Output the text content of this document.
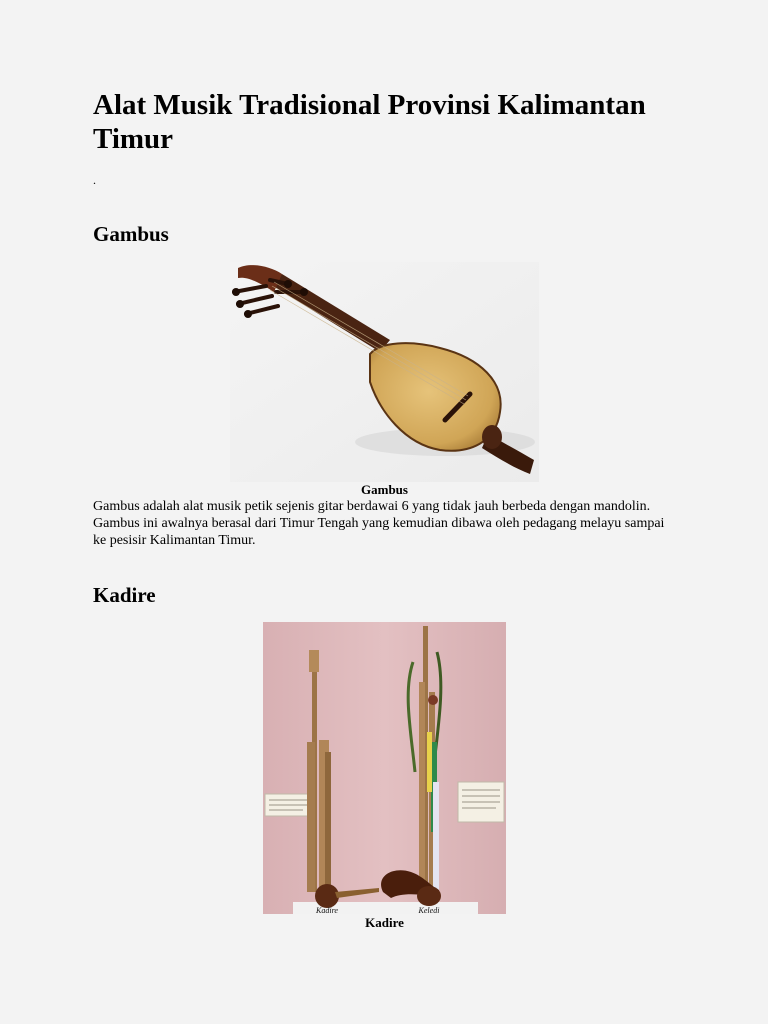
Alat Musik Tradisional Provinsi Kalimantan Timur
.
Gambus
Gambus

Gambus adalah alat musik petik sejenis gitar berdawai 6 yang tidak jauh berbeda dengan mandolin. Gambus ini awalnya berasal dari Timur Tengah yang kemudian dibawa oleh pedagang melayu sampai ke pesisir Kalimantan Timur.

Kadire
Kadire	Keledi
Kadire
